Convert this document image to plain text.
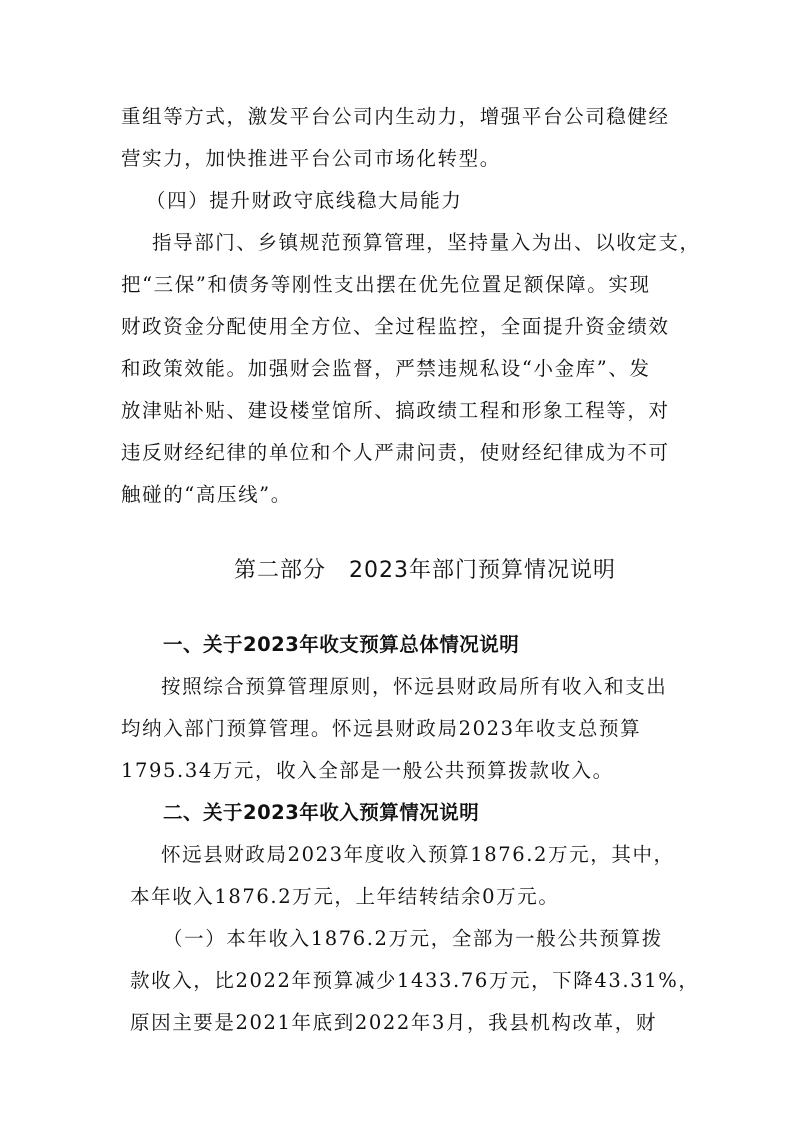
重组等方式，激发平台公司内生动力，增强平台公司稳健经
营实力，加快推进平台公司市场化转型。
（四）提升财政守底线稳大局能力
指导部门、乡镇规范预算管理，坚持量入为出、以收定支，
把“三保”和债务等刚性支出摆在优先位置足额保障。实现
财政资金分配使用全方位、全过程监控，全面提升资金绩效
和政策效能。加强财会监督，严禁违规私设“小金库”、发
放津贴补贴、建设楼堂馆所、搞政绩工程和形象工程等，对
违反财经纪律的单位和个人严肃问责，使财经纪律成为不可
触碰的“高压线”。
第二部分　2023年部门预算情况说明
一、关于2023年收支预算总体情况说明
按照综合预算管理原则，怀远县财政局所有收入和支出
均纳入部门预算管理。怀远县财政局2023年收支总预算
1795.34万元，收入全部是一般公共预算拨款收入。
二、关于2023年收入预算情况说明
怀远县财政局2023年度收入预算1876.2万元，其中，
本年收入1876.2万元，上年结转结余0万元。
（一）本年收入1876.2万元，全部为一般公共预算拨
款收入，比2022年预算减少1433.76万元，下降43.31%，
原因主要是2021年底到2022年3月，我县机构改革，财
